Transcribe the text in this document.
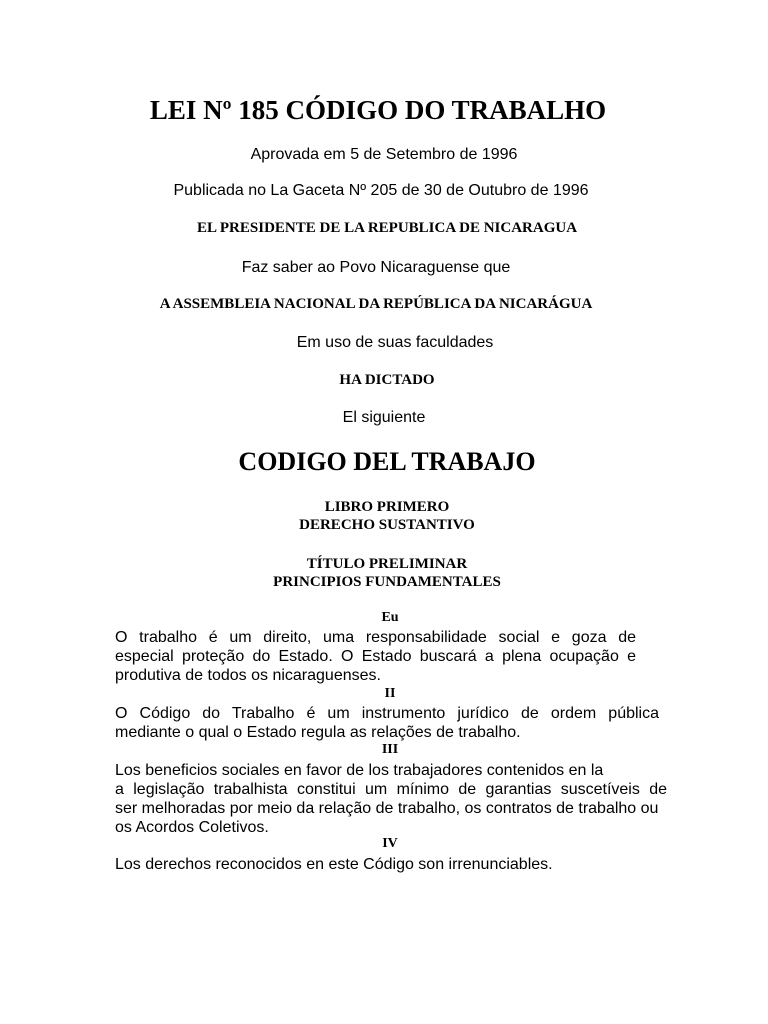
LEI Nº 185 CÓDIGO DO TRABALHO
Aprovada em 5 de Setembro de 1996
Publicada no La Gaceta Nº 205 de 30 de Outubro de 1996
EL PRESIDENTE DE LA REPUBLICA DE NICARAGUA
Faz saber ao Povo Nicaraguense que
A ASSEMBLEIA NACIONAL DA REPÚBLICA DA NICARÁGUA
Em uso de suas faculdades
HA DICTADO
El siguiente
CODIGO DEL TRABAJO
LIBRO PRIMERO
DERECHO SUSTANTIVO
TÍTULO PRELIMINAR
PRINCIPIOS FUNDAMENTALES
Eu
O trabalho é um direito, uma responsabilidade social e goza de
especial proteção do Estado. O Estado buscará a plena ocupação e
produtiva de todos os nicaraguenses.
II
O Código do Trabalho é um instrumento jurídico de ordem pública
mediante o qual o Estado regula as relações de trabalho.
III
Los beneficios sociales en favor de los trabajadores contenidos en la
a legislação trabalhista constitui um mínimo de garantias suscetíveis de
ser melhoradas por meio da relação de trabalho, os contratos de trabalho ou
os Acordos Coletivos.
IV
Los derechos reconocidos en este Código son irrenunciables.
